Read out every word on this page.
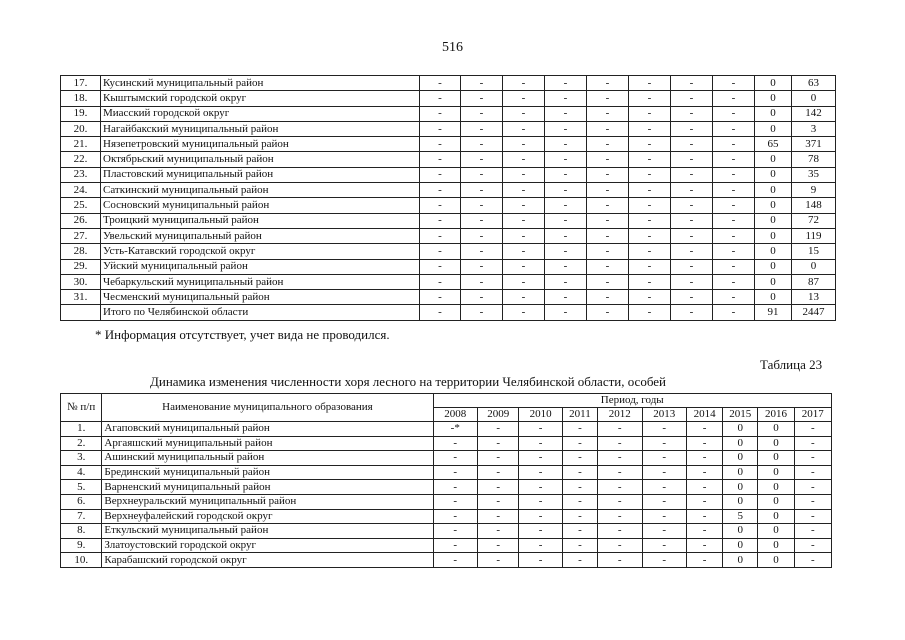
516
17.	Кусинский муниципальный район	-	-	-	-	-	-	-	-	0	63
18.	Кыштымский городской округ	-	-	-	-	-	-	-	-	0	0
19.	Миасский городской округ	-	-	-	-	-	-	-	-	0	142
20.	Нагайбакский муниципальный район	-	-	-	-	-	-	-	-	0	3
21.	Нязепетровский муниципальный район	-	-	-	-	-	-	-	-	65	371
22.	Октябрьский муниципальный район	-	-	-	-	-	-	-	-	0	78
23.	Пластовский муниципальный район	-	-	-	-	-	-	-	-	0	35
24.	Саткинский муниципальный район	-	-	-	-	-	-	-	-	0	9
25.	Сосновский муниципальный район	-	-	-	-	-	-	-	-	0	148
26.	Троицкий муниципальный район	-	-	-	-	-	-	-	-	0	72
27.	Увельский муниципальный район	-	-	-	-	-	-	-	-	0	119
28.	Усть-Катавский городской округ	-	-	-	-	-	-	-	-	0	15
29.	Уйский муниципальный район	-	-	-	-	-	-	-	-	0	0
30.	Чебаркульский муниципальный район	-	-	-	-	-	-	-	-	0	87
31.	Чесменский муниципальный район	-	-	-	-	-	-	-	-	0	13
	Итого по Челябинской области	-	-	-	-	-	-	-	-	91	2447
* Информация отсутствует, учет вида не проводился.
Таблица 23
Динамика изменения численности хоря лесного на территории Челябинской области, особей
№ п/п	Наименование муниципального образования	Период, годы									
		2008	2009	2010	2011	2012	2013	2014	2015	2016	2017
1.	Агаповский муниципальный район	-*	-	-	-	-	-	-	0	0	-
2.	Аргаяшский муниципальный район	-	-	-	-	-	-	-	0	0	-
3.	Ашинский муниципальный район	-	-	-	-	-	-	-	0	0	-
4.	Брединский муниципальный район	-	-	-	-	-	-	-	0	0	-
5.	Варненский муниципальный район	-	-	-	-	-	-	-	0	0	-
6.	Верхнеуральский муниципальный район	-	-	-	-	-	-	-	0	0	-
7.	Верхнеуфалейский городской округ	-	-	-	-	-	-	-	5	0	-
8.	Еткульский муниципальный район	-	-	-	-	-	-	-	0	0	-
9.	Златоустовский городской округ	-	-	-	-	-	-	-	0	0	-
10.	Карабашский городской округ	-	-	-	-	-	-	-	0	0	-
